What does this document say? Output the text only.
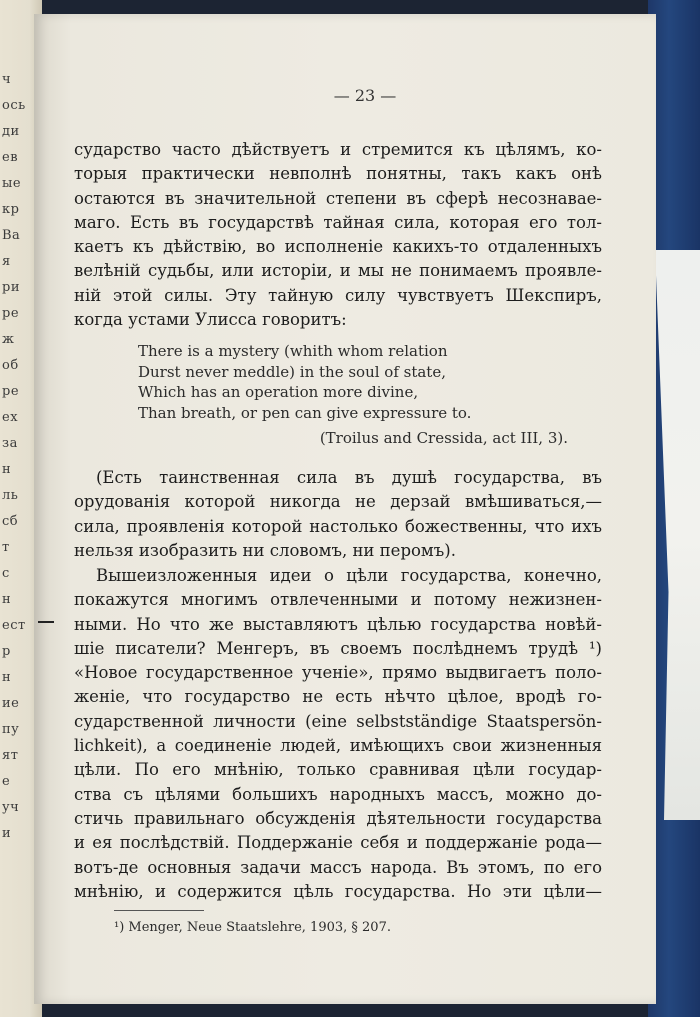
ч
ось
ди
ев
ые
кр
Ва
я
ри
ре
ж
об
ре
ех
за
н
ль
сб
т
с
н
ест
р
н
ие
пу
ят
е
уч
и
— 23 —
сударство часто дѣйствуетъ и стремится къ цѣлямъ, ко-
торыя практически невполнѣ понятны, такъ какъ онѣ
остаются въ значительной степени въ сферѣ несознавае-
маго. Есть въ государствѣ тайная сила, которая его тол-
каетъ къ дѣйствію, во исполненіе какихъ-то отдаленныхъ
велѣній судьбы, или исторіи, и мы не понимаемъ проявле-
ній этой силы. Эту тайную силу чувствуетъ Шекспиръ,
когда устами Улисса говоритъ:
There is a mystery (whith whom relation
Durst never meddle) in the soul of state,
Which has an operation more divine,
Than breath, or pen can give expressure to.
(Troilus and Cressida, act III, 3).
(Есть таинственная сила въ душѣ государства, въ
орудованія которой никогда не дерзай вмѣшиваться,—
сила, проявленія которой настолько божественны, что ихъ
нельзя изобразить ни словомъ, ни перомъ).
Вышеизложенныя идеи о цѣли государства, конечно,
покажутся многимъ отвлеченными и потому нежизнен-
ными. Но что же выставляютъ цѣлью государства новѣй-
шіе писатели? Менгеръ, въ своемъ послѣднемъ трудѣ ¹)
«Новое государственное ученіе», прямо выдвигаетъ поло-
женіе, что государство не есть нѣчто цѣлое, вродѣ го-
сударственной личности (eine selbstständige Staatspersön-
lichkeit), а соединеніе людей, имѣющихъ свои жизненныя
цѣли. По его мнѣнію, только сравнивая цѣли государ-
ства съ цѣлями большихъ народныхъ массъ, можно до-
стичь правильнаго обсужденія дѣятельности государства
и ея послѣдствій. Поддержаніе себя и поддержаніе рода—
вотъ-де основныя задачи массъ народа. Въ этомъ, по его
мнѣнію, и содержится цѣль государства. Но эти цѣли—
¹) Menger, Neue Staatslehre, 1903, § 207.
